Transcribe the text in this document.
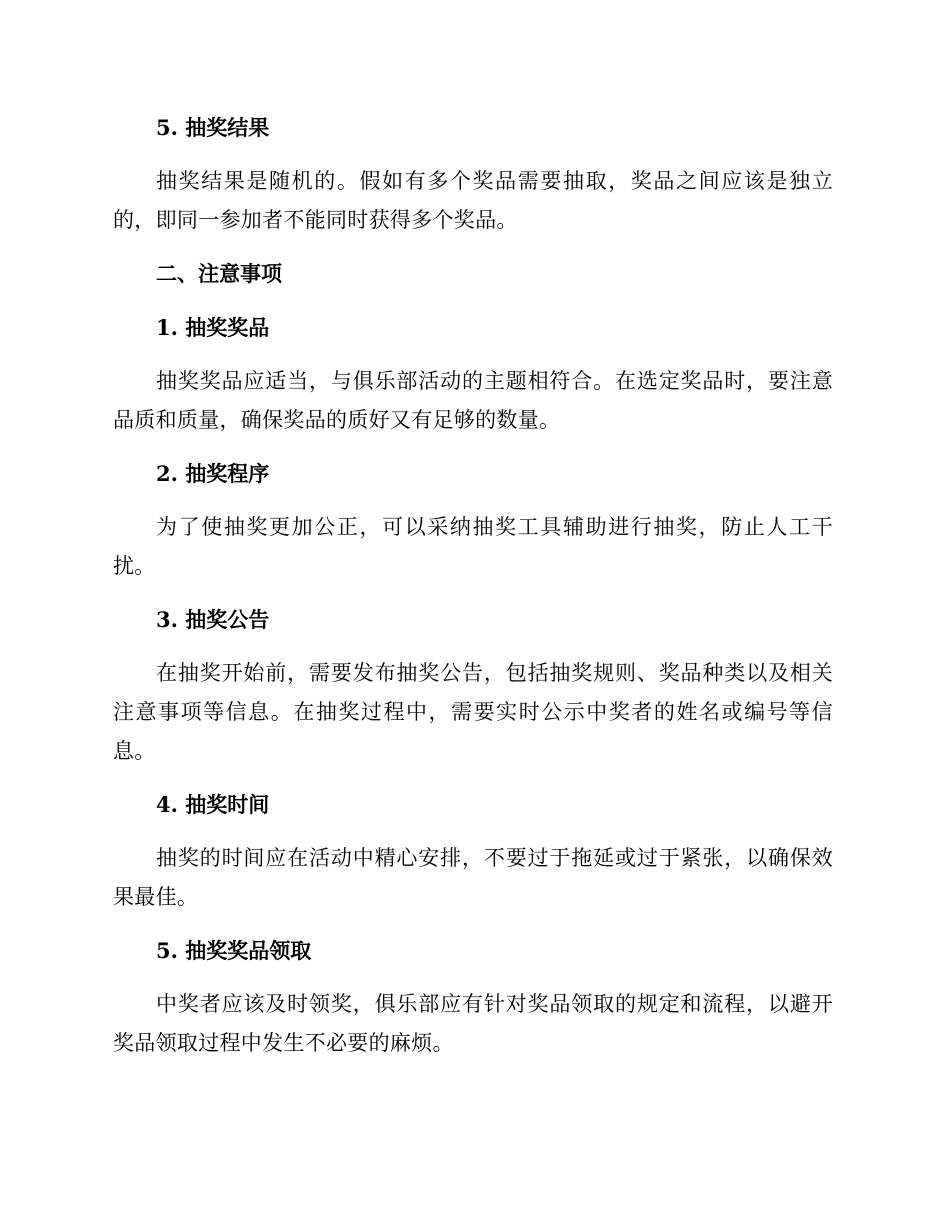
5. 抽奖结果

抽奖结果是随机的。假如有多个奖品需要抽取，奖品之间应该是独立的，即同一参加者不能同时获得多个奖品。

二、注意事项
1. 抽奖奖品

抽奖奖品应适当，与俱乐部活动的主题相符合。在选定奖品时，要注意品质和质量，确保奖品的质好又有足够的数量。

2. 抽奖程序

为了使抽奖更加公正，可以采纳抽奖工具辅助进行抽奖，防止人工干扰。

3. 抽奖公告

在抽奖开始前，需要发布抽奖公告，包括抽奖规则、奖品种类以及相关注意事项等信息。在抽奖过程中，需要实时公示中奖者的姓名或编号等信息。

4. 抽奖时间

抽奖的时间应在活动中精心安排，不要过于拖延或过于紧张，以确保效果最佳。

5. 抽奖奖品领取

中奖者应该及时领奖，俱乐部应有针对奖品领取的规定和流程，以避开奖品领取过程中发生不必要的麻烦。
